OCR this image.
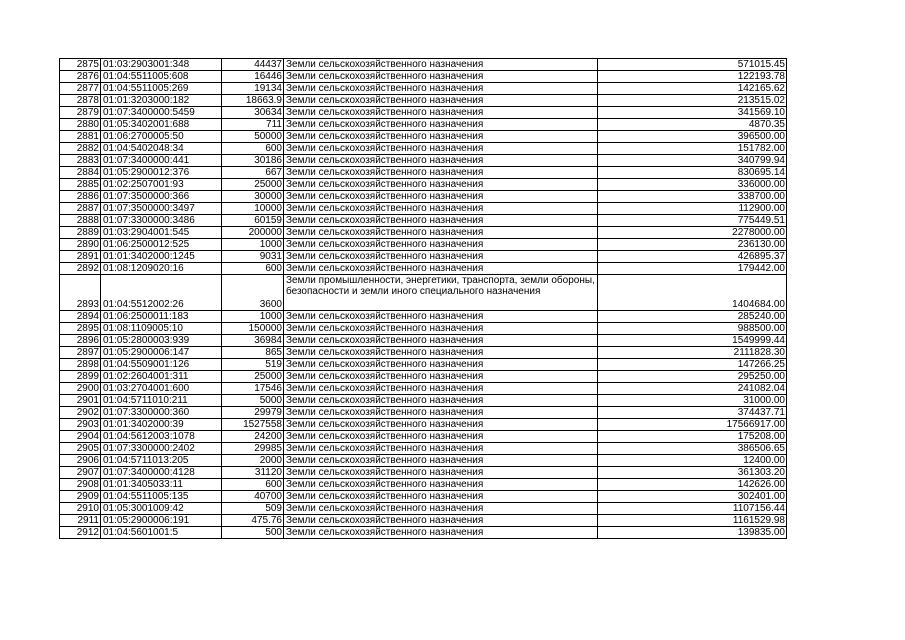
2875	01:03:2903001:348	44437	Земли сельскохозяйственного назначения	571015.45
2876	01:04:5511005:608	16446	Земли сельскохозяйственного назначения	122193.78
2877	01:04:5511005:269	19134	Земли сельскохозяйственного назначения	142165.62
2878	01:01:3203000:182	18663.9	Земли сельскохозяйственного назначения	213515.02
2879	01:07:3400000:5459	30634	Земли сельскохозяйственного назначения	341569.10
2880	01:05:3402001:688	711	Земли сельскохозяйственного назначения	4870.35
2881	01:06:2700005:50	50000	Земли сельскохозяйственного назначения	396500.00
2882	01:04:5402048:34	600	Земли сельскохозяйственного назначения	151782.00
2883	01:07:3400000:441	30186	Земли сельскохозяйственного назначения	340799.94
2884	01:05:2900012:376	667	Земли сельскохозяйственного назначения	830695.14
2885	01:02:2507001:93	25000	Земли сельскохозяйственного назначения	336000.00
2886	01:07:3500000:366	30000	Земли сельскохозяйственного назначения	338700.00
2887	01:07:3500000:3497	10000	Земли сельскохозяйственного назначения	112900.00
2888	01:07:3300000:3486	60159	Земли сельскохозяйственного назначения	775449.51
2889	01:03:2904001:545	200000	Земли сельскохозяйственного назначения	2278000.00
2890	01:06:2500012:525	1000	Земли сельскохозяйственного назначения	236130.00
2891	01:01:3402000:1245	9031	Земли сельскохозяйственного назначения	426895.37
2892	01:08:1209020:16	600	Земли сельскохозяйственного назначения	179442.00
2893	01:04:5512002:26	3600	Земли промышленности, энергетики, транспорта, земли обороны, безопасности и земли иного специального назначения	1404684.00
2894	01:06:2500011:183	1000	Земли сельскохозяйственного назначения	285240.00
2895	01:08:1109005:10	150000	Земли сельскохозяйственного назначения	988500.00
2896	01:05:2800003:939	36984	Земли сельскохозяйственного назначения	1549999.44
2897	01:05:2900006:147	865	Земли сельскохозяйственного назначения	2111828.30
2898	01:04:5509001:126	519	Земли сельскохозяйственного назначения	147266.25
2899	01:02:2604001:311	25000	Земли сельскохозяйственного назначения	295250.00
2900	01:03:2704001:600	17546	Земли сельскохозяйственного назначения	241082.04
2901	01:04:5711010:211	5000	Земли сельскохозяйственного назначения	31000.00
2902	01:07:3300000:360	29979	Земли сельскохозяйственного назначения	374437.71
2903	01:01:3402000:39	1527558	Земли сельскохозяйственного назначения	17566917.00
2904	01:04:5612003:1078	24200	Земли сельскохозяйственного назначения	175208.00
2905	01:07:3300000:2402	29985	Земли сельскохозяйственного назначения	386506.65
2906	01:04:5711013:205	2000	Земли сельскохозяйственного назначения	12400.00
2907	01:07:3400000:4128	31120	Земли сельскохозяйственного назначения	361303.20
2908	01:01:3405033:11	600	Земли сельскохозяйственного назначения	142626.00
2909	01:04:5511005:135	40700	Земли сельскохозяйственного назначения	302401.00
2910	01:05:3001009:42	509	Земли сельскохозяйственного назначения	1107156.44
2911	01:05:2900006:191	475.76	Земли сельскохозяйственного назначения	1161529.98
2912	01:04:5601001:5	500	Земли сельскохозяйственного назначения	139835.00
